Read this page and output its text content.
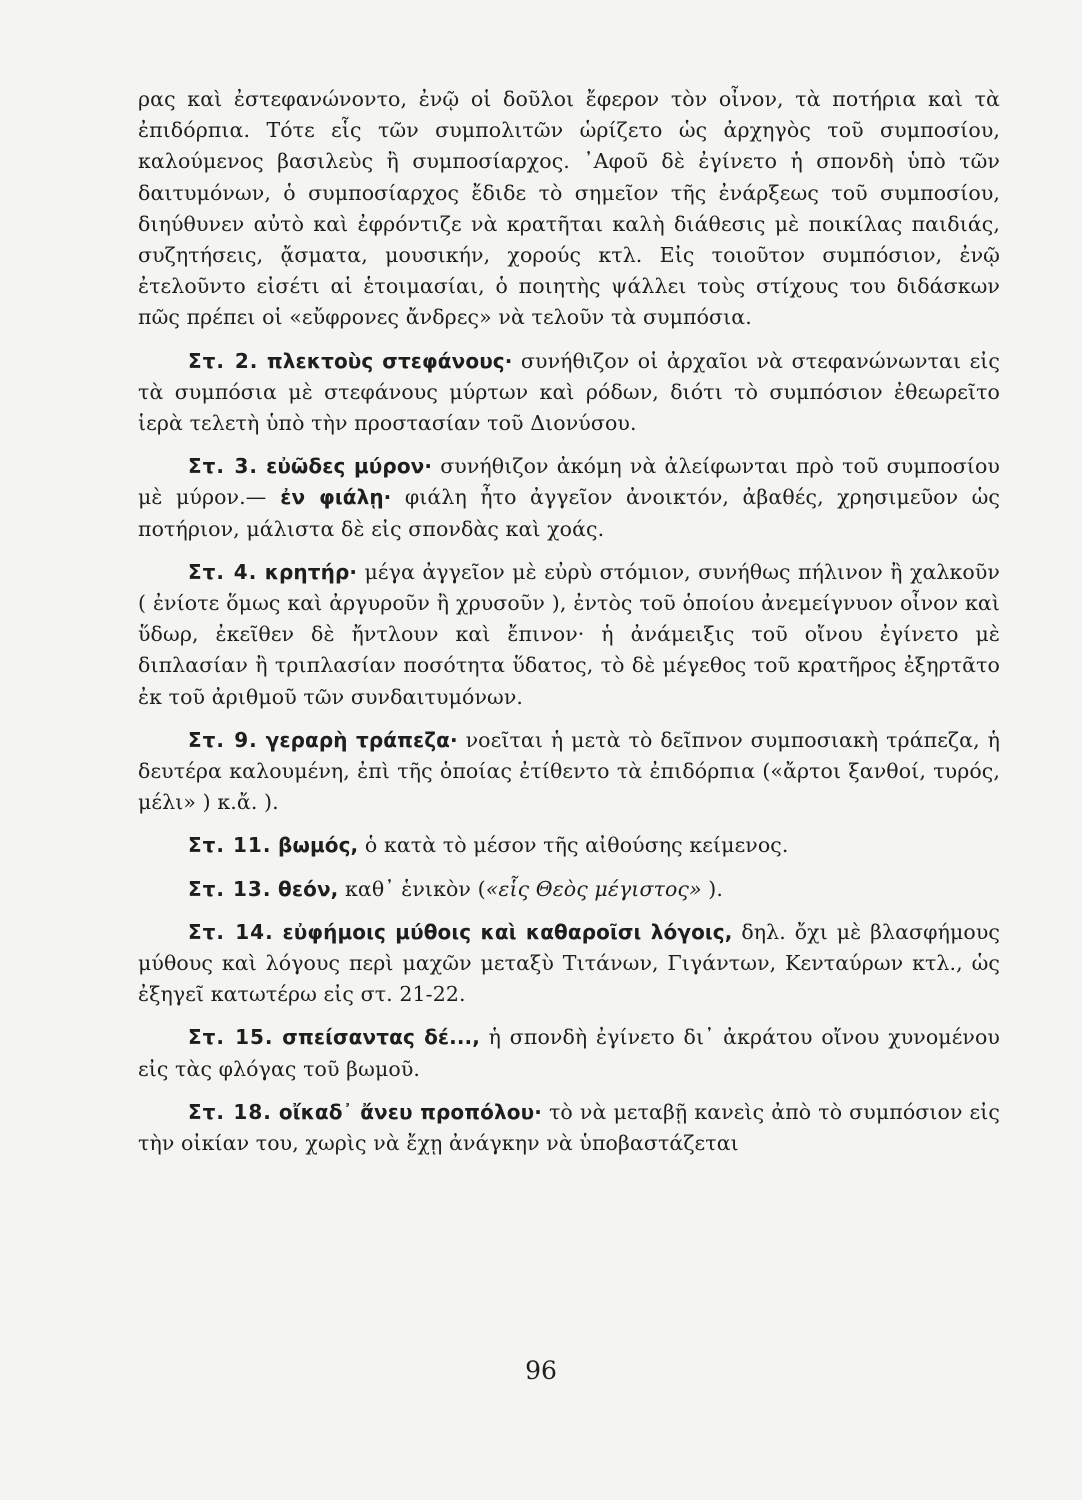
ρας καὶ ἐστεφανώνοντο, ἐνῷ οἱ δοῦλοι ἔφερον τὸν οἶνον, τὰ ποτήρια καὶ τὰ ἐπιδόρπια. Τότε εἷς τῶν συμπολιτῶν ὡρίζετο ὡς ἀρχηγὸς τοῦ συμποσίου, καλούμενος βασιλεὺς ἢ συμποσίαρχος. ᾿Αφοῦ δὲ ἐγίνετο ἡ σπονδὴ ὑπὸ τῶν δαιτυμόνων, ὁ συμποσίαρχος ἔδιδε τὸ σημεῖον τῆς ἐνάρξεως τοῦ συμποσίου, διηύθυνεν αὐτὸ καὶ ἐφρόντιζε νὰ κρατῆται καλὴ διάθεσις μὲ ποικίλας παιδιάς, συζητήσεις, ᾄσματα, μουσικήν, χορούς κτλ. Εἰς τοιοῦτον συμπόσιον, ἐνῷ ἐτελοῦντο εἰσέτι αἱ ἑτοιμασίαι, ὁ ποιητὴς ψάλλει τοὺς στίχους του διδάσκων πῶς πρέπει οἱ «εὔφρονες ἄνδρες» νὰ τελοῦν τὰ συμπόσια.

Στ. 2. πλεκτοὺς στεφάνους· συνήθιζον οἱ ἀρχαῖοι νὰ στεφανώνωνται εἰς τὰ συμπόσια μὲ στεφάνους μύρτων καὶ ρόδων, διότι τὸ συμπόσιον ἐθεωρεῖτο ἱερὰ τελετὴ ὑπὸ τὴν προστασίαν τοῦ Διονύσου.

Στ. 3. εὐῶδες μύρον· συνήθιζον ἀκόμη νὰ ἀλείφωνται πρὸ τοῦ συμποσίου μὲ μύρον.— ἐν φιάλῃ· φιάλη ἦτο ἀγγεῖον ἀνοικτόν, ἀβαθές, χρησιμεῦον ὡς ποτήριον, μάλιστα δὲ εἰς σπονδὰς καὶ χοάς.

Στ. 4. κρητήρ· μέγα ἀγγεῖον μὲ εὐρὺ στόμιον, συνήθως πήλινον ἢ χαλκοῦν ( ἐνίοτε ὅμως καὶ ἀργυροῦν ἢ χρυσοῦν ), ἐντὸς τοῦ ὁποίου ἀνεμείγνυον οἶνον καὶ ὕδωρ, ἐκεῖθεν δὲ ἤντλουν καὶ ἔπινον· ἡ ἀνάμειξις τοῦ οἴνου ἐγίνετο μὲ διπλασίαν ἢ τριπλασίαν ποσότητα ὕδατος, τὸ δὲ μέγεθος τοῦ κρατῆρος ἐξηρτᾶτο ἐκ τοῦ ἀριθμοῦ τῶν συνδαιτυμόνων.

Στ. 9. γεραρὴ τράπεζα· νοεῖται ἡ μετὰ τὸ δεῖπνον συμποσιακὴ τράπεζα, ἡ δευτέρα καλουμένη, ἐπὶ τῆς ὁποίας ἐτίθεντο τὰ ἐπιδόρπια («ἄρτοι ξανθοί, τυρός, μέλι» ) κ.ἄ. ).

Στ. 11. βωμός, ὁ κατὰ τὸ μέσον τῆς αἰθούσης κείμενος.

Στ. 13. θεόν, καθ᾿ ἑνικὸν («εἷς Θεὸς μέγιστος» ).

Στ. 14. εὐφήμοις μύθοις καὶ καθαροῖσι λόγοις, δηλ. ὄχι μὲ βλασφήμους μύθους καὶ λόγους περὶ μαχῶν μεταξὺ Τιτάνων, Γιγάντων, Κενταύρων κτλ., ὡς ἐξηγεῖ κατωτέρω εἰς στ. 21‑22.

Στ. 15. σπείσαντας δέ..., ἡ σπονδὴ ἐγίνετο δι᾿ ἀκράτου οἴνου χυνομένου εἰς τὰς φλόγας τοῦ βωμοῦ.

Στ. 18. οἴκαδ᾿ ἄνευ προπόλου· τὸ νὰ μεταβῇ κανεὶς ἀπὸ τὸ συμπόσιον εἰς τὴν οἰκίαν του, χωρὶς νὰ ἔχῃ ἀνάγκην νὰ ὑποβαστάζεται

96
